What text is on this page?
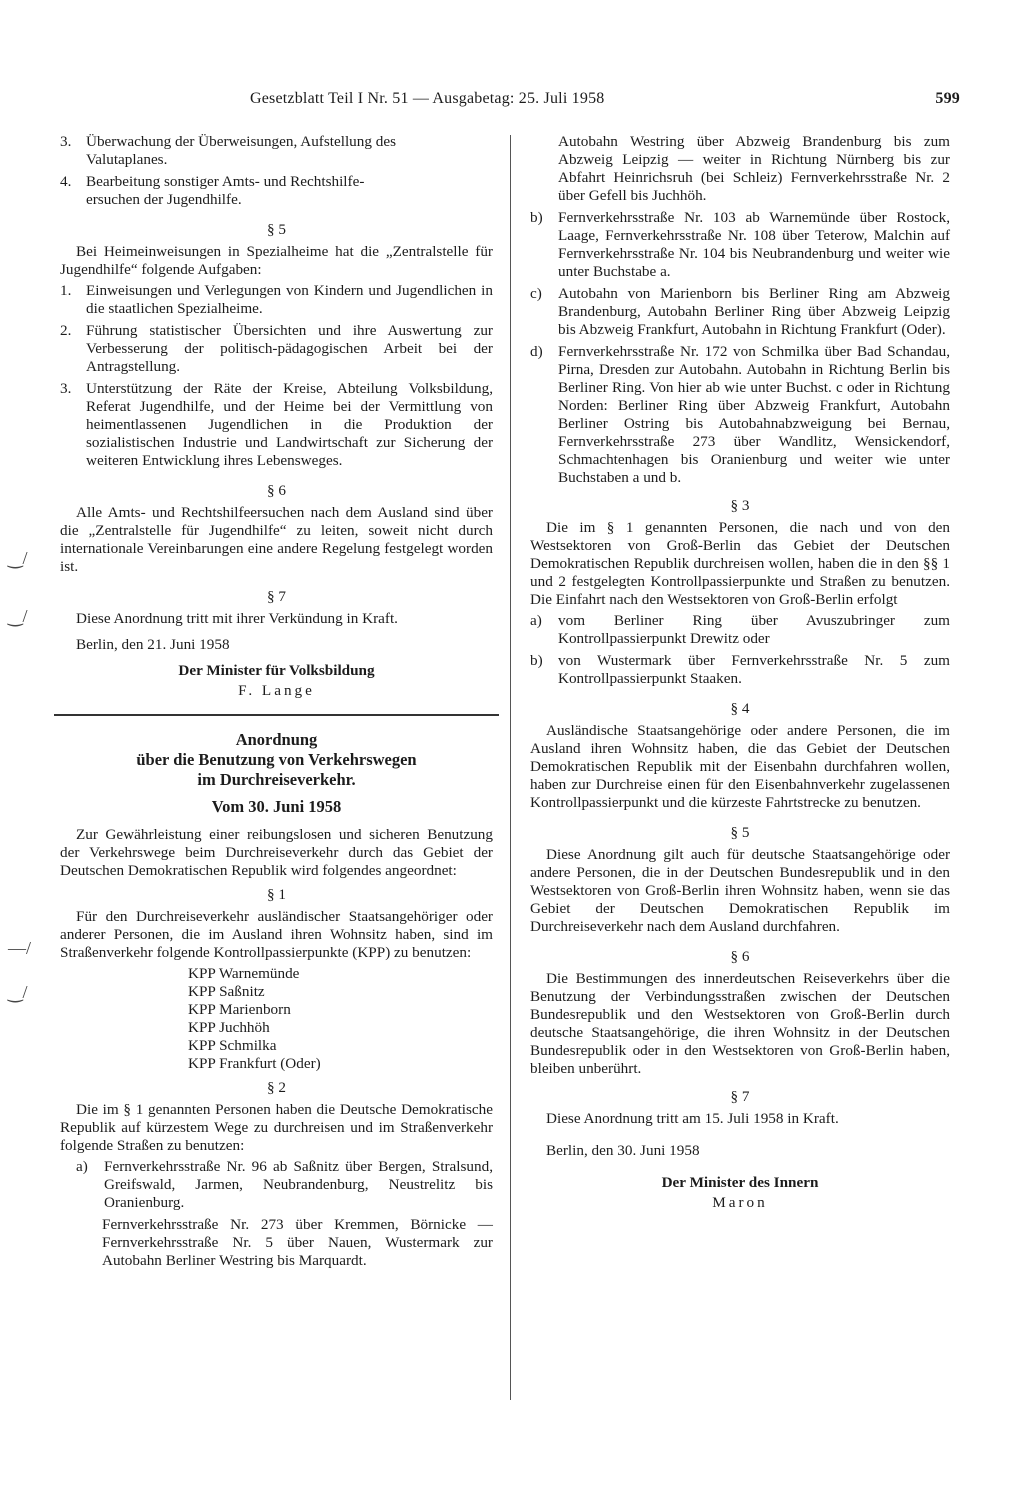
Gesetzblatt Teil I Nr. 51 — Ausgabetag: 25. Juli 1958	599
‿/
‿/
—/
‿/
3. Überwachung der Überweisungen, Aufstellung des
Valutaplanes.
4. Bearbeitung sonstiger Amts- und Rechtshilfe-
ersuchen der Jugendhilfe.
§ 5
Bei Heimeinweisungen in Spezialheime hat die „Zentralstelle für Jugendhilfe“ folgende Aufgaben:
1. Einweisungen und Verlegungen von Kindern und Jugendlichen in die staatlichen Spezialheime.
2. Führung statistischer Übersichten und ihre Auswertung zur Verbesserung der politisch-pädagogischen Arbeit bei der Antragstellung.
3. Unterstützung der Räte der Kreise, Abteilung Volksbildung, Referat Jugendhilfe, und der Heime bei der Vermittlung von heimentlassenen Jugendlichen in die Produktion der sozialistischen Industrie und Landwirtschaft zur Sicherung der weiteren Entwicklung ihres Lebensweges.
§ 6
Alle Amts- und Rechtshilfeersuchen nach dem Ausland sind über die „Zentralstelle für Jugendhilfe“ zu leiten, soweit nicht durch internationale Vereinbarungen eine andere Regelung festgelegt worden ist.
§ 7
Diese Anordnung tritt mit ihrer Verkündung in Kraft.
Berlin, den 21. Juni 1958
Der Minister für Volksbildung
F. Lange
Anordnung
über die Benutzung von Verkehrswegen
im Durchreiseverkehr.
Vom 30. Juni 1958
Zur Gewährleistung einer reibungslosen und sicheren Benutzung der Verkehrswege beim Durchreiseverkehr durch das Gebiet der Deutschen Demokratischen Republik wird folgendes angeordnet:
§ 1
Für den Durchreiseverkehr ausländischer Staatsangehöriger oder anderer Personen, die im Ausland ihren Wohnsitz haben, sind im Straßenverkehr folgende Kontrollpassierpunkte (KPP) zu benutzen:
KPP Warnemünde
KPP Saßnitz
KPP Marienborn
KPP Juchhöh
KPP Schmilka
KPP Frankfurt (Oder)
§ 2
Die im § 1 genannten Personen haben die Deutsche Demokratische Republik auf kürzestem Wege zu durchreisen und im Straßenverkehr folgende Straßen zu benutzen:
a)	Fernverkehrsstraße Nr. 96 ab Saßnitz über Bergen, Stralsund, Greifswald, Jarmen, Neubrandenburg, Neustrelitz bis Oranienburg.
Fernverkehrsstraße Nr. 273 über Kremmen, Börnicke — Fernverkehrsstraße Nr. 5 über Nauen, Wustermark zur Autobahn Berliner Westring bis Marquardt.
Autobahn Westring über Abzweig Brandenburg bis zum Abzweig Leipzig — weiter in Richtung Nürnberg bis zur Abfahrt Heinrichsruh (bei Schleiz) Fernverkehrsstraße Nr. 2 über Gefell bis Juchhöh.
b)	Fernverkehrsstraße Nr. 103 ab Warnemünde über Rostock, Laage, Fernverkehrsstraße Nr. 108 über Teterow, Malchin auf Fernverkehrsstraße Nr. 104 bis Neubrandenburg und weiter wie unter Buchstabe a.
c)	Autobahn von Marienborn bis Berliner Ring am Abzweig Brandenburg, Autobahn Berliner Ring über Abzweig Leipzig bis Abzweig Frankfurt, Autobahn in Richtung Frankfurt (Oder).
d)	Fernverkehrsstraße Nr. 172 von Schmilka über Bad Schandau, Pirna, Dresden zur Autobahn. Autobahn in Richtung Berlin bis Berliner Ring. Von hier ab wie unter Buchst. c oder in Richtung Norden: Berliner Ring über Abzweig Frankfurt, Autobahn Berliner Ostring bis Autobahnabzweigung bei Bernau, Fernverkehrsstraße 273 über Wandlitz, Wensickendorf, Schmachtenhagen bis Oranienburg und weiter wie unter Buchstaben a und b.
§ 3
Die im § 1 genannten Personen, die nach und von den Westsektoren von Groß-Berlin das Gebiet der Deutschen Demokratischen Republik durchreisen wollen, haben die in den §§ 1 und 2 festgelegten Kontrollpassierpunkte und Straßen zu benutzen. Die Einfahrt nach den Westsektoren von Groß-Berlin erfolgt
a)	vom Berliner Ring über Avuszubringer zum Kontrollpassierpunkt Drewitz oder
b)	von Wustermark über Fernverkehrsstraße Nr. 5 zum Kontrollpassierpunkt Staaken.
§ 4
Ausländische Staatsangehörige oder andere Personen, die im Ausland ihren Wohnsitz haben, die das Gebiet der Deutschen Demokratischen Republik mit der Eisenbahn durchfahren wollen, haben zur Durchreise einen für den Eisenbahnverkehr zugelassenen Kontrollpassierpunkt und die kürzeste Fahrtstrecke zu benutzen.
§ 5
Diese Anordnung gilt auch für deutsche Staatsangehörige oder andere Personen, die in der Deutschen Bundesrepublik und in den Westsektoren von Groß-Berlin ihren Wohnsitz haben, wenn sie das Gebiet der Deutschen Demokratischen Republik im Durchreiseverkehr nach dem Ausland durchfahren.
§ 6
Die Bestimmungen des innerdeutschen Reiseverkehrs über die Benutzung der Verbindungsstraßen zwischen der Deutschen Bundesrepublik und den Westsektoren von Groß-Berlin durch deutsche Staatsangehörige, die ihren Wohnsitz in der Deutschen Bundesrepublik oder in den Westsektoren von Groß-Berlin haben, bleiben unberührt.
§ 7
Diese Anordnung tritt am 15. Juli 1958 in Kraft.
Berlin, den 30. Juni 1958
Der Minister des Innern
Maron
